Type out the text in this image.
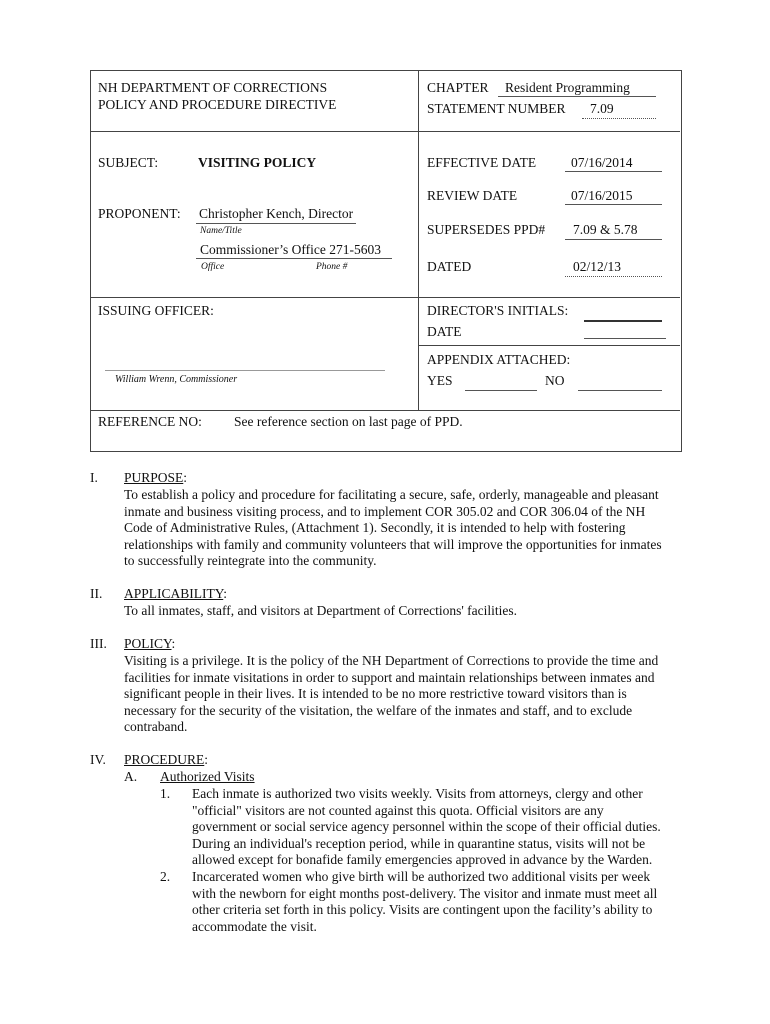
NH DEPARTMENT OF CORRECTIONS
POLICY AND PROCEDURE DIRECTIVE
CHAPTER Resident Programming
STATEMENT NUMBER 7.09
SUBJECT:	VISITING POLICY
PROPONENT: Christopher Kench, Director
Name/Title
Commissioner’s Office 271-5603
Office	Phone #
EFFECTIVE DATE	07/16/2014
REVIEW DATE	07/16/2015
SUPERSEDES PPD# 7.09 & 5.78
DATED	02/12/13
ISSUING OFFICER:
William Wrenn, Commissioner
DIRECTOR'S INITIALS:
DATE
APPENDIX ATTACHED:
YES	NO
REFERENCE NO: See reference section on last page of PPD.
I. PURPOSE:
To establish a policy and procedure for facilitating a secure, safe, orderly, manageable and pleasant
inmate and business visiting process, and to implement COR 305.02 and COR 306.04 of the NH
Code of Administrative Rules, (Attachment 1). Secondly, it is intended to help with fostering
relationships with family and community volunteers that will improve the opportunities for inmates
to successfully reintegrate into the community.
II. APPLICABILITY:
To all inmates, staff, and visitors at Department of Corrections' facilities.
III. POLICY:
Visiting is a privilege. It is the policy of the NH Department of Corrections to provide the time and
facilities for inmate visitations in order to support and maintain relationships between inmates and
significant people in their lives. It is intended to be no more restrictive toward visitors than is
necessary for the security of the visitation, the welfare of the inmates and staff, and to exclude
contraband.
IV. PROCEDURE:
A. Authorized Visits
1. Each inmate is authorized two visits weekly. Visits from attorneys, clergy and other
"official" visitors are not counted against this quota. Official visitors are any
government or social service agency personnel within the scope of their official duties.
During an individual's reception period, while in quarantine status, visits will not be
allowed except for bonafide family emergencies approved in advance by the Warden.
2. Incarcerated women who give birth will be authorized two additional visits per week
with the newborn for eight months post-delivery. The visitor and inmate must meet all
other criteria set forth in this policy. Visits are contingent upon the facility’s ability to
accommodate the visit.
